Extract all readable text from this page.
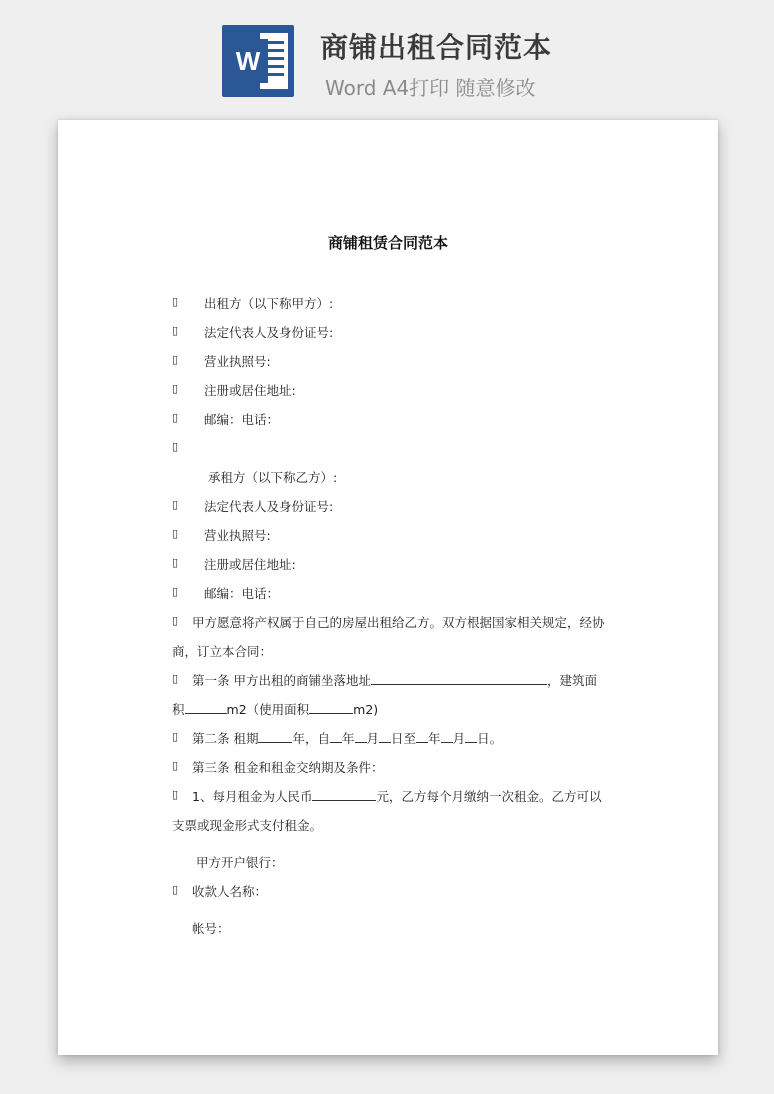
W 商铺出租合同范本
Word A4打印 随意修改

商铺租赁合同范本
▯
▯
▯
▯
▯
▯
▯
▯
▯
▯
▯
▯
▯
▯
▯
▯
出租方（以下称甲方）:
法定代表人及身份证号:
营业执照号:
注册或居住地址:
邮编：电话：
承租方（以下称乙方）:
法定代表人及身份证号:
营业执照号:
注册或居住地址:
邮编：电话：
甲方愿意将产权属于自己的房屋出租给乙方。双方根据国家相关规定，经协
商，订立本合同：
第一条 甲方出租的商铺坐落地址	，建筑面
积	m2（使用面积	m2)
第二条 租期	年，自 年 月 日至 年 月 日。
第三条 租金和租金交纳期及条件：
1、每月租金为人民币	元，乙方每个月缴纳一次租金。乙方可以
支票或现金形式支付租金。
甲方开户银行：
收款人名称：
帐号：
